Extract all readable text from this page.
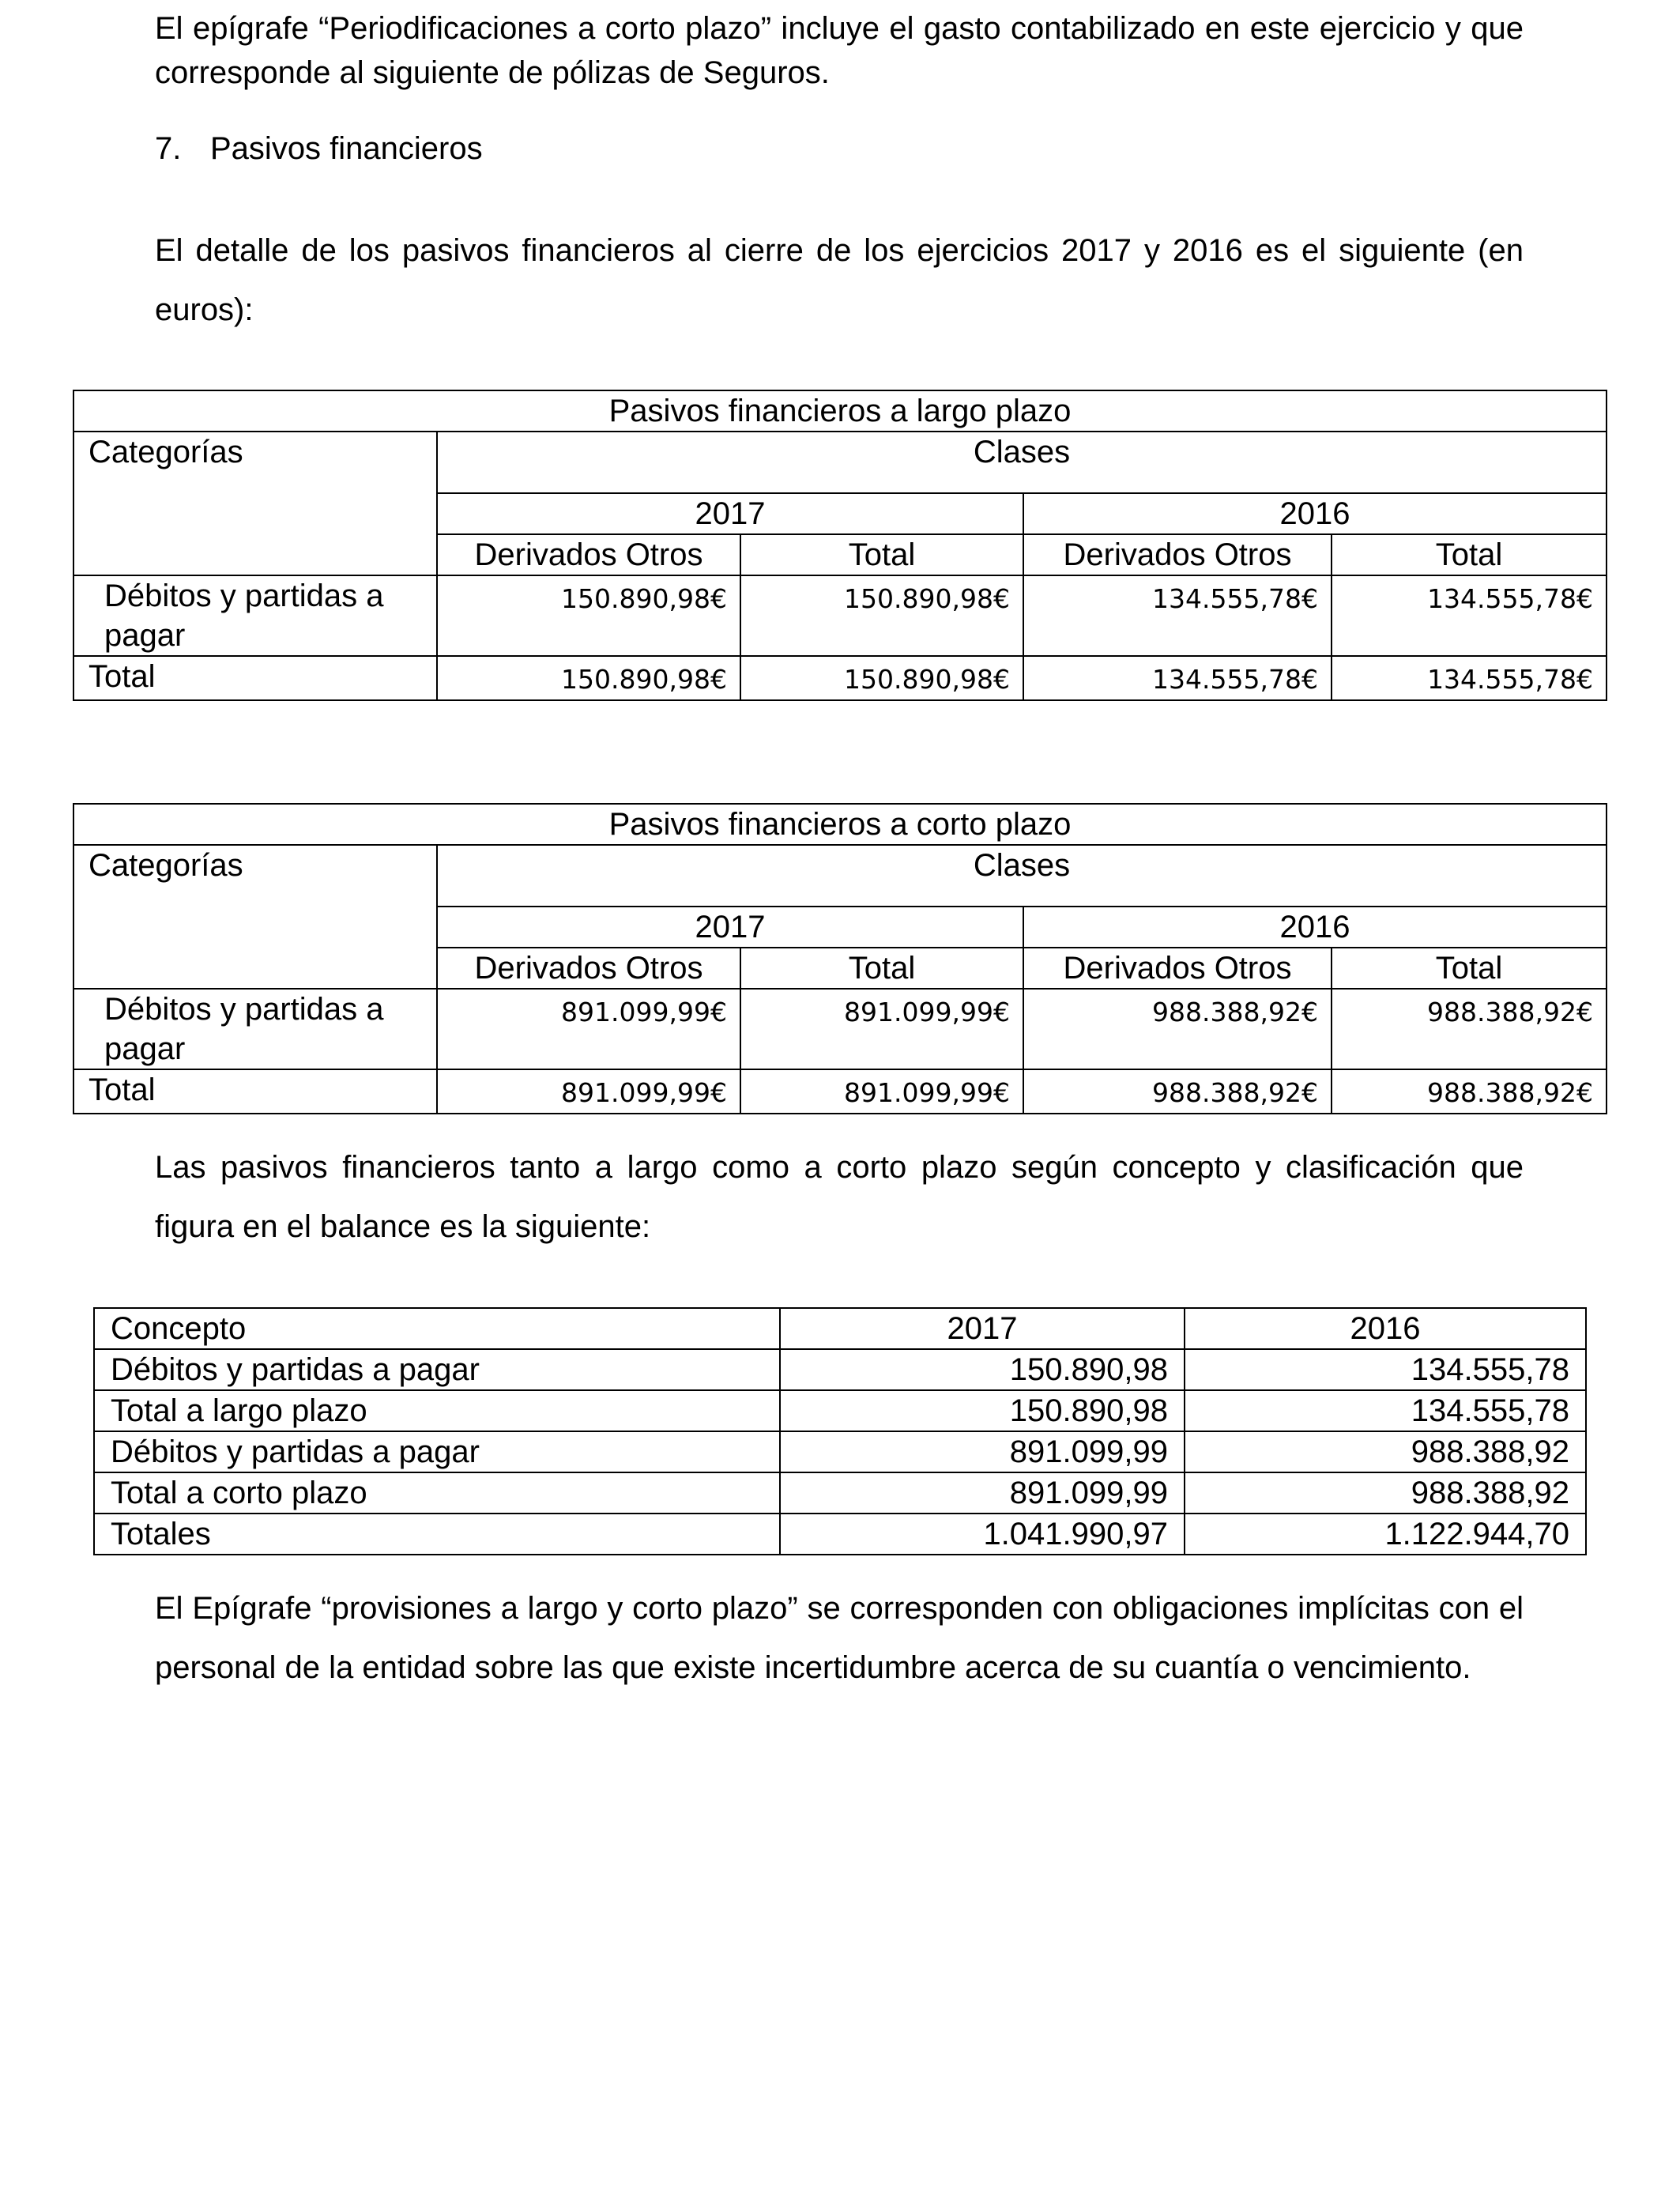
El epígrafe “Periodificaciones a corto plazo” incluye el gasto contabilizado en este ejercicio y que corresponde al siguiente de pólizas de Seguros.

7. Pasivos financieros

El detalle de los pasivos financieros al cierre de los ejercicios 2017 y 2016 es el siguiente (en euros):

Pasivos financieros a largo plazo				
Categorías	Clases			
	2017		2016	
	Derivados Otros	Total	Derivados Otros	Total
Débitos y partidas a pagar	150.890,98€	150.890,98€	134.555,78€	134.555,78€
Total	150.890,98€	150.890,98€	134.555,78€	134.555,78€
Pasivos financieros a corto plazo				
Categorías	Clases			
	2017		2016	
	Derivados Otros	Total	Derivados Otros	Total
Débitos y partidas a pagar	891.099,99€	891.099,99€	988.388,92€	988.388,92€
Total	891.099,99€	891.099,99€	988.388,92€	988.388,92€

Las pasivos financieros tanto a largo como a corto plazo según concepto y clasificación que figura en el balance es la siguiente:

Concepto	2017	2016
Débitos y partidas a pagar	150.890,98	134.555,78
Total a largo plazo	150.890,98	134.555,78
Débitos y partidas a pagar	891.099,99	988.388,92
Total a corto plazo	891.099,99	988.388,92
Totales	1.041.990,97	1.122.944,70

El Epígrafe “provisiones a largo y corto plazo” se corresponden con obligaciones implícitas con el personal de la entidad sobre las que existe incertidumbre acerca de su cuantía o vencimiento.
